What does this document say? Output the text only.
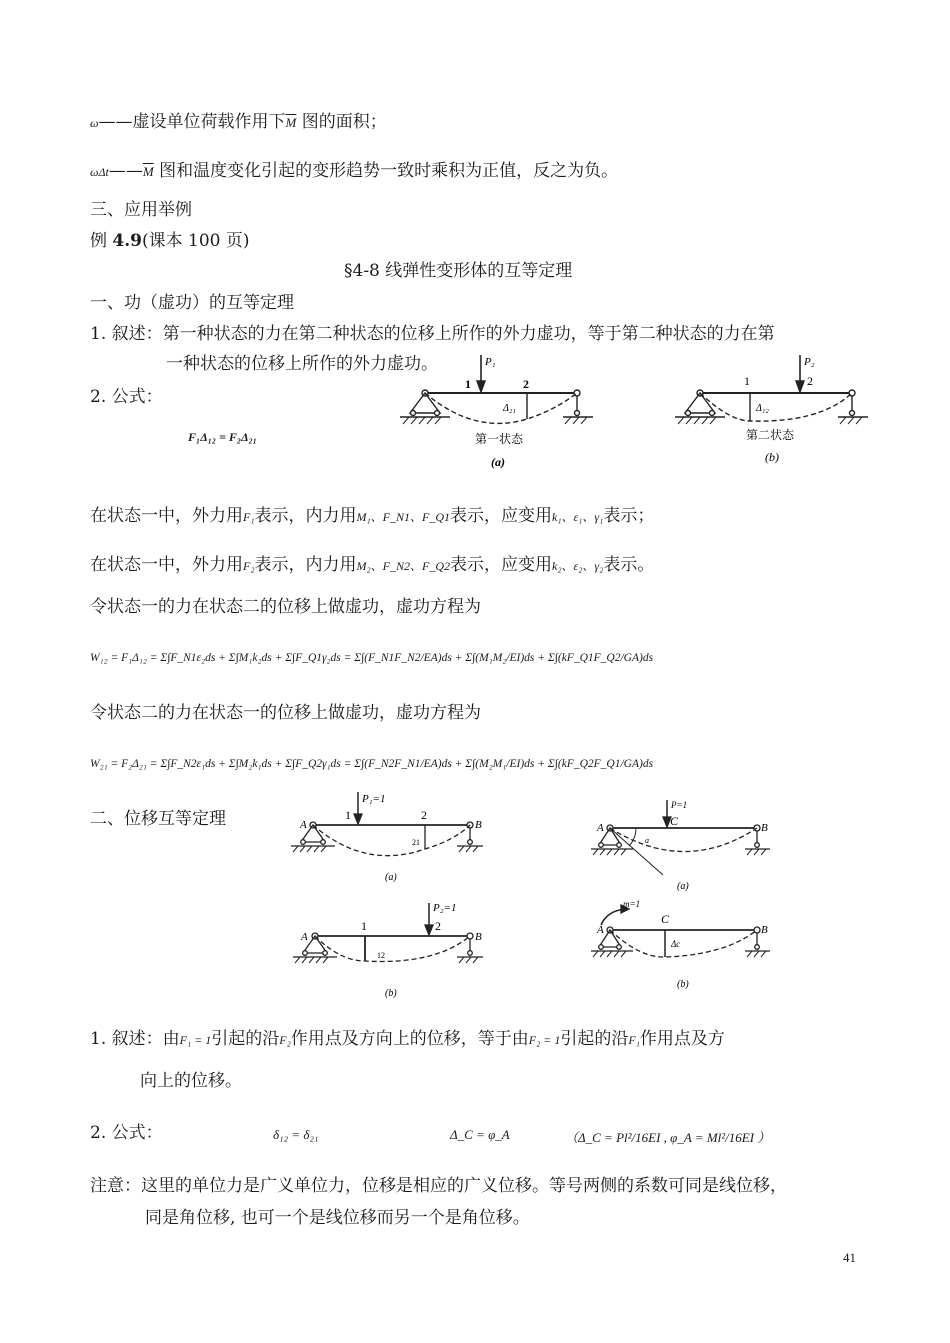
ω——虚设单位荷载作用下$\overline{M}$ 图的面积；
$\omega\Delta t——\overline{M}$ 图和温度变化引起的变形趋势一致时乘积为正值，反之为负。
三、应用举例
例 4.9(课本 100 页)
§4-8 线弹性变形体的互等定理
一、功（虚功）的互等定理
1. 叙述：第一种状态的力在第二种状态的位移上所作的外力虚功，等于第二种状态的力在第
一种状态的位移上所作的外力虚功。
2. 公式：
F₁Δ₁₂ = F₂Δ₂₁
P₁
1	2
Δ₂₁
第一状态
(a)
P₂
1	2
Δ₁₂
第二状态
(b)
在状态一中，外力用F₁表示，内力用M₁、F_N1、F_Q1表示，应变用k₁、ε₁、γ₁表示；
在状态一中，外力用F₂表示，内力用M₂、F_N2、F_Q2表示，应变用k₂、ε₂、γ₂表示。
令状态一的力在状态二的位移上做虚功，虚功方程为
W₁₂ = F₁Δ₁₂ = Σ∫F_N1ε₂ds + Σ∫M₁k₂ds + Σ∫F_Q1γ₂ds = Σ∫(F_N1F_N2/EA)ds + Σ∫(M₁M₂/EI)ds + Σ∫(kF_Q1F_Q2/GA)ds
令状态二的力在状态一的位移上做虚功，虚功方程为
W₂₁ = F₂Δ₂₁ = Σ∫F_N2ε₁ds + Σ∫M₂k₁ds + Σ∫F_Q2γ₁ds = Σ∫(F_N2F_N1/EA)ds + Σ∫(M₂M₁/EI)ds + Σ∫(kF_Q2F_Q1/GA)ds
二、位移互等定理
P₁=1
1	2
A	B
21
(a)
P=1
C
A	B
a
(a)
P₂=1
1	2
A	B
12
(b)
m=1
C
A	B
Δc
(b)
1. 叙述：由F₁ = 1引起的沿F₂作用点及方向上的位移，等于由F₂ = 1引起的沿F₁作用点及方
向上的位移。
2. 公式：	δ₁₂ = δ₂₁	Δ_C = φ_A	（Δ_C = Pl²/16EI , φ_A = Ml²/16EI ）
注意：这里的单位力是广义单位力，位移是相应的广义位移。等号两侧的系数可同是线位移，
同是角位移, 也可一个是线位移而另一个是角位移。
41
